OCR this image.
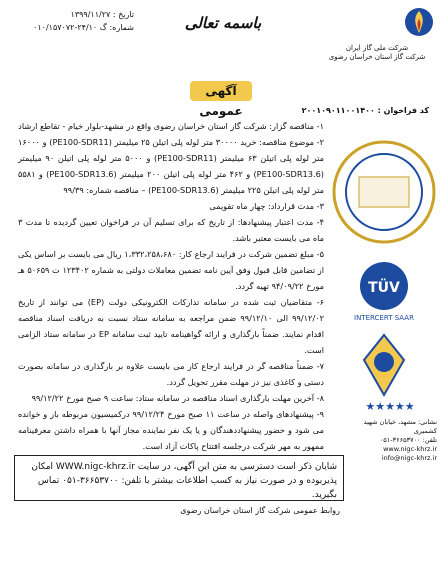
تاریخ : ۱۳۹۹/۱۱/۲۷
شماره: گ ۲۴/۱۰-۰۱۰/۱۵۷۰۷۲	باسمه تعالی
شرکت ملی گاز ایران
شرکت گاز استان خراسان رضوی
آگهی عمومی	کد فراخوان : ۲۰۰۱۰۹۰۱۱۰۰۱۴۰۰

۱- مناقصه گزار: شرکت گاز استان خراسان رضوی واقع در مشهد-بلوار خیام - تقاطع ارشاد

۲- موضوع مناقصه: خرید ۳۰۰۰۰ متر لوله پلی اتیلن ۲۵ میلیمتر (PE100-SDR11) و ۱۶۰۰۰ متر لوله پلی اتیلن ۶۳ میلیمتر (PE100-SDR11) و ۵۰۰۰ متر لوله پلی اتیلن ۹۰ میلیمتر (PE100-SDR13.6) و ۴۶۲ متر لوله پلی اتیلن ۲۰۰ میلیمتر (PE100-SDR13.6) و ۵۵۸۱ متر لوله پلی اتیلن ۲۲۵ میلیمتر (PE100-SDR13.6) – مناقصه شماره: ۹۹/۳۹

۳- مدت قرارداد: چهار ماه تقویمی

۴- مدت اعتبار پیشنهادها: از تاریخ که برای تسلیم آن در فراخوان تعیین گردیده تا مدت ۳ ماه می بایست معتبر باشد.

۵- مبلغ تضمین شرکت در فرایند ارجاع کار: ۱،۳۳۲،۲۵۸،۶۸۰ ریال می بایست بر اساس یکی از تضامین قابل قبول وفق آیین نامه تضمین معاملات دولتی به شماره ۱۲۳۴۰۲ ت ۵۰۶۵۹ هـ مورخ ۹۴/۰۹/۲۲ تهیه گردد.

۶- متقاضیان ثبت شده در سامانه تدارکات الکترونیکی دولت (EP) می توانند از تاریخ ۹۹/۱۲/۰۲ الی ۹۹/۱۲/۱۰ ضمن مراجعه به سامانه ستاد نسبت به دریافت اسناد مناقصه اقدام نمایند. ضمناً بارگذاری و ارائه گواهینامه تایید ثبت سامانه EP در سامانه ستاد الزامی است.

۷- ضمناً مناقصه گر در فرایند ارجاع کار می بایست علاوه بر بارگذاری در سامانه بصورت دستی و کاغذی نیز در مهلت مقرر تحویل گردد.

۸- آخرین مهلت بارگذاری اسناد مناقصه در سامانه ستاد: ساعت ۹ صبح مورخ ۹۹/۱۲/۲۲

۹- پیشنهادهای واصله در ساعت ۱۱ صبح مورخ ۹۹/۱۲/۲۴ درکمیسیون مربوطه باز و خوانده می شود و حضور پیشنهاددهندگان و یا یک نفر نماینده مجاز آنها با همراه داشتن معرفینامه ممهور به مهر شرکت درجلسه افتتاح پاکات آزاد است.

TÜV
INTERCERT SAAR

★★★★★
نشانی: مشهد، خیابان شهید کشمیری
تلفن: ۳۶۶۵۳۷۰۰-۰۵۱
www.nigc-khrz.ir
info@nigc-khrz.ir
شایان ذکر است دسترسی به متن این آگهی، در سایت WWW.nigc-khrz.ir امکان
پذیربوده و در صورت نیاز به کسب اطلاعات بیشتر با تلفن: ۳۶۶۵۳۷۰۰-۰۵۱ تماس بگیرید.
روابط عمومی شرکت گاز استان خراسان رضوی
